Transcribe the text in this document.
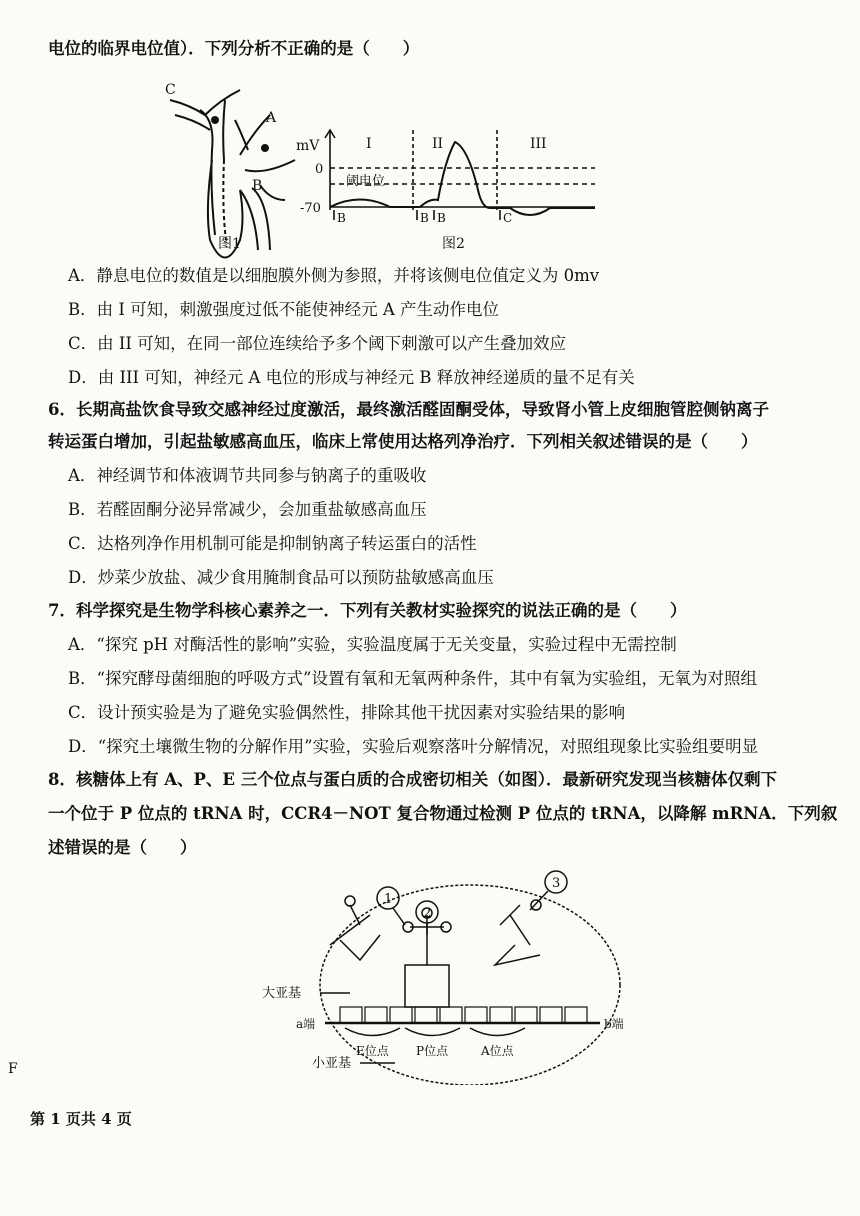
电位的临界电位值）．下列分析不正确的是（　　）
C
A
B
图1
mV
0
-70
I	II	III
阈电位
B	B B	C
图2
A．静息电位的数值是以细胞膜外侧为参照，并将该侧电位值定义为 0mv
B．由 I 可知，刺激强度过低不能使神经元 A 产生动作电位
C．由 II 可知，在同一部位连续给予多个阈下刺激可以产生叠加效应
D．由 III 可知，神经元 A 电位的形成与神经元 B 释放神经递质的量不足有关
6．长期高盐饮食导致交感神经过度激活，最终激活醛固酮受体，导致肾小管上皮细胞管腔侧钠离子
转运蛋白增加，引起盐敏感高血压，临床上常使用达格列净治疗．下列相关叙述错误的是（　　）
A．神经调节和体液调节共同参与钠离子的重吸收
B．若醛固酮分泌异常减少，会加重盐敏感高血压
C．达格列净作用机制可能是抑制钠离子转运蛋白的活性
D．炒菜少放盐、减少食用腌制食品可以预防盐敏感高血压
7．科学探究是生物学科核心素养之一．下列有关教材实验探究的说法正确的是（　　）
A．“探究 pH 对酶活性的影响”实验，实验温度属于无关变量，实验过程中无需控制
B．“探究酵母菌细胞的呼吸方式”设置有氧和无氧两种条件，其中有氧为实验组，无氧为对照组
C．设计预实验是为了避免实验偶然性，排除其他干扰因素对实验结果的影响
D．“探究土壤微生物的分解作用”实验，实验后观察落叶分解情况，对照组现象比实验组要明显
8．核糖体上有 A、P、E 三个位点与蛋白质的合成密切相关（如图）．最新研究发现当核糖体仅剩下
一个位于 P 位点的 tRNA 时，CCR4－NOT 复合物通过检测 P 位点的 tRNA，以降解 mRNA．下列叙
述错误的是（　　）
1
2
3
大亚基
小亚基
a端	b端
E位点 P位点	A位点
F
第 1 页共 4 页
